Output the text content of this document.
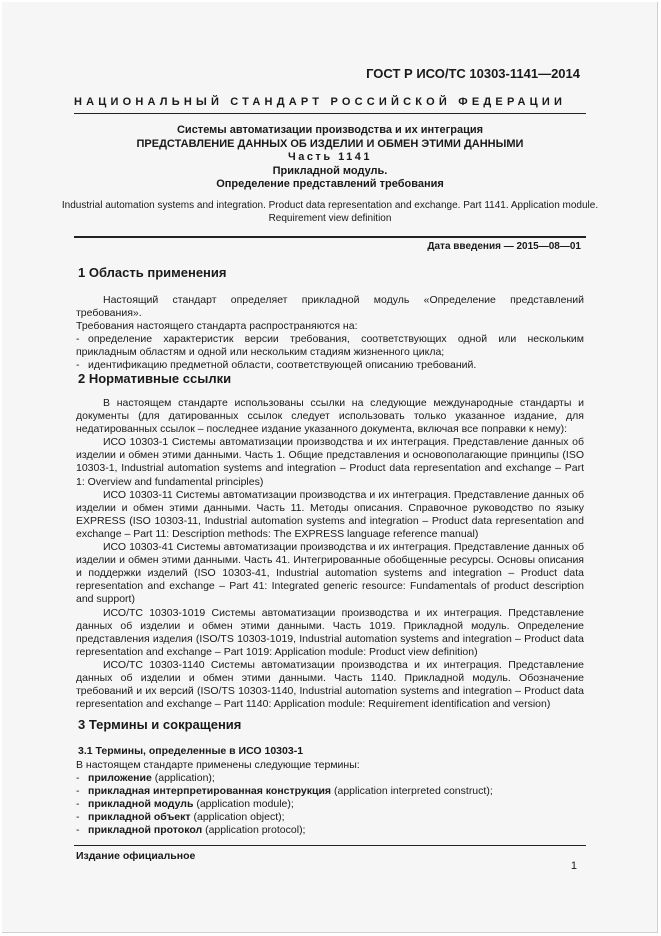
ГОСТ Р ИСО/ТС 10303-1141—2014
НАЦИОНАЛЬНЫЙ СТАНДАРТ РОССИЙСКОЙ ФЕДЕРАЦИИ
Системы автоматизации производства и их интеграция
ПРЕДСТАВЛЕНИЕ ДАННЫХ ОБ ИЗДЕЛИИ И ОБМЕН ЭТИМИ ДАННЫМИ
Часть 1141
Прикладной модуль.
Определение представлений требования
Industrial automation systems and integration. Product data representation and exchange. Part 1141. Application module. Requirement view definition
Дата введения — 2015—08—01
1 Область применения

Настоящий стандарт определяет прикладной модуль «Определение представлений требования».

Требования настоящего стандарта распространяются на:

- определение характеристик версии требования, соответствующих одной или нескольким прикладным областям и одной или нескольким стадиям жизненного цикла;

- идентификацию предметной области, соответствующей описанию требований.

2 Нормативные ссылки

В настоящем стандарте использованы ссылки на следующие международные стандарты и документы (для датированных ссылок следует использовать только указанное издание, для недатированных ссылок – последнее издание указанного документа, включая все поправки к нему):

ИСО 10303-1 Системы автоматизации производства и их интеграция. Представление данных об изделии и обмен этими данными. Часть 1. Общие представления и основополагающие принципы (ISO 10303-1, Industrial automation systems and integration – Product data representation and exchange – Part 1: Overview and fundamental principles)

ИСО 10303-11 Системы автоматизации производства и их интеграция. Представление данных об изделии и обмен этими данными. Часть 11. Методы описания. Справочное руководство по языку EXPRESS (ISO 10303-11, Industrial automation systems and integration – Product data representation and exchange – Part 11: Description methods: The EXPRESS language reference manual)

ИСО 10303-41 Системы автоматизации производства и их интеграция. Представление данных об изделии и обмен этими данными. Часть 41. Интегрированные обобщенные ресурсы. Основы описания и поддержки изделий (ISO 10303-41, Industrial automation systems and integration – Product data representation and exchange – Part 41: Integrated generic resource: Fundamentals of product description and support)

ИСО/ТС 10303-1019 Системы автоматизации производства и их интеграция. Представление данных об изделии и обмен этими данными. Часть 1019. Прикладной модуль. Определение представления изделия (ISO/TS 10303-1019, Industrial automation systems and integration – Product data representation and exchange – Part 1019: Application module: Product view definition)

ИСО/ТС 10303-1140 Системы автоматизации производства и их интеграция. Представление данных об изделии и обмен этими данными. Часть 1140. Прикладной модуль. Обозначение требований и их версий (ISO/TS 10303-1140, Industrial automation systems and integration – Product data representation and exchange – Part 1140: Application module: Requirement identification and version)

3 Термины и сокращения
3.1 Термины, определенные в ИСО 10303-1

В настоящем стандарте применены следующие термины:

- приложение (application);

- прикладная интерпретированная конструкция (application interpreted construct);

- прикладной модуль (application module);

- прикладной объект (application object);

- прикладной протокол (application protocol);

Издание официальное
1
